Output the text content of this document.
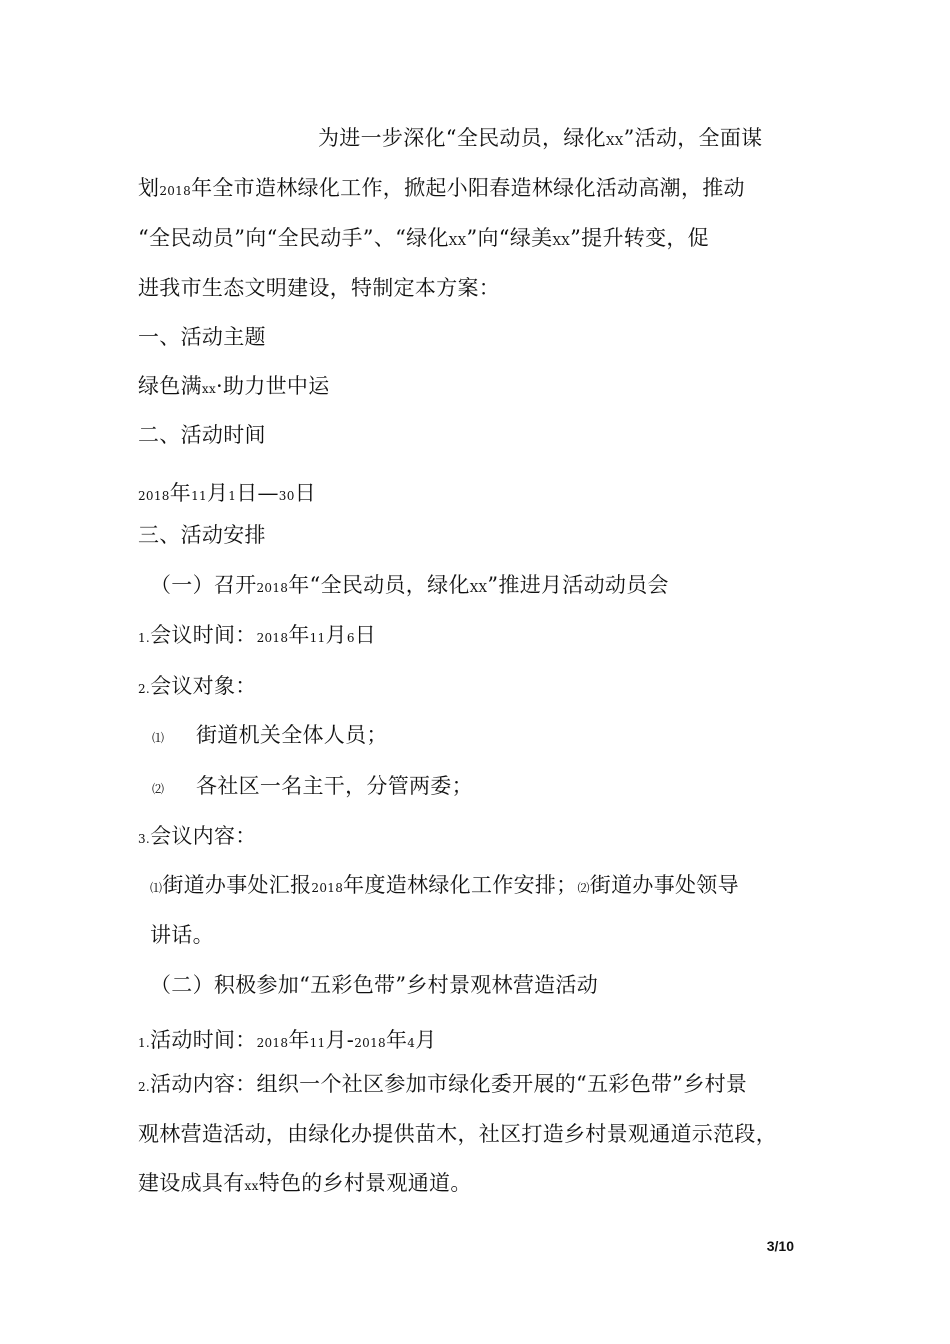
为进一步深化“全民动员，绿化XX”活动，全面谋
划2018年全市造林绿化工作，掀起小阳春造林绿化活动高潮，推动
“全民动员”向“全民动手”、“绿化XX”向“绿美XX”提升转变，促
进我市生态文明建设，特制定本方案：
一、活动主题
绿色满xx·助力世中运
二、活动时间
2018年11月1日—30日
三、活动安排
（一）召开2018年“全民动员，绿化XX”推进月活动动员会
1.会议时间：2018年11月6日
2.会议对象：
⑴ 街道机关全体人员；
⑵ 各社区一名主干，分管两委；
3.会议内容：
⑴街道办事处汇报2018年度造林绿化工作安排；⑵街道办事处领导
讲话。
（二）积极参加“五彩色带”乡村景观林营造活动
1.活动时间：2018年11月-2018年4月
2.活动内容：组织一个社区参加市绿化委开展的“五彩色带”乡村景
观林营造活动，由绿化办提供苗木，社区打造乡村景观通道示范段，
建设成具有xx特色的乡村景观通道。
3/10
